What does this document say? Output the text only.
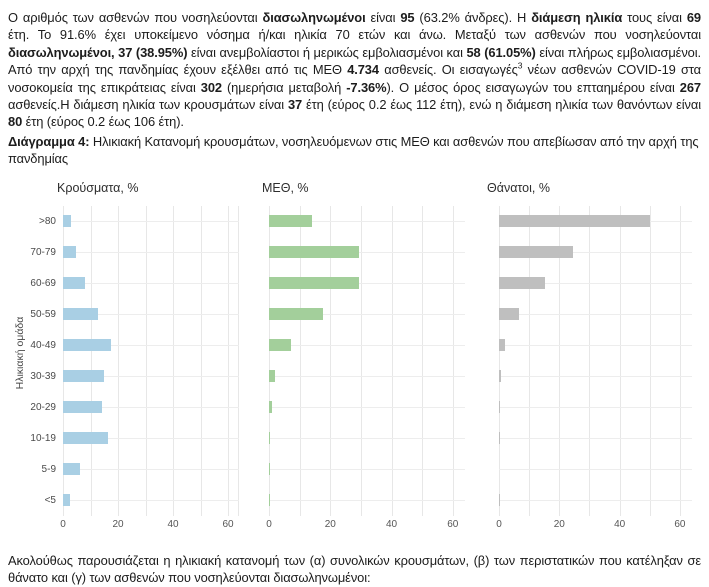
Ο αριθμός των ασθενών που νοσηλεύονται διασωληνωμένοι είναι 95 (63.2% άνδρες). Η διάμεση ηλικία τους είναι 69 έτη. Το 91.6% έχει υποκείμενο νόσημα ή/και ηλικία 70 ετών και άνω. Μεταξύ των ασθενών που νοσηλεύονται διασωληνωμένοι, 37 (38.95%) είναι ανεμβολίαστοι ή μερικώς εμβολιασμένοι και 58 (61.05%) είναι πλήρως εμβολιασμένοι. Από την αρχή της πανδημίας έχουν εξέλθει από τις ΜΕΘ 4.734 ασθενείς. Οι εισαγωγές$^3$ νέων ασθενών COVID-19 στα νοσοκομεία της επικράτειας είναι 302 (ημερήσια μεταβολή -7.36%). Ο μέσος όρος εισαγωγών του επταημέρου είναι 267 ασθενείς.Η διάμεση ηλικία των κρουσμάτων είναι 37 έτη (εύρος 0.2 έως 112 έτη), ενώ η διάμεση ηλικία των θανόντων είναι 80 έτη (εύρος 0.2 έως 106 έτη).

Διάγραμμα 4: Ηλικιακή Κατανομή κρουσμάτων, νοσηλευόμενων στις ΜΕΘ και ασθενών που απεβίωσαν από την αρχή της πανδημίας

Ηλικιακή ομάδα
>80
70-79
60-69
50-59
40-49
30-39
20-29
10-19
5-9
<5
Κρούσματα, %	ΜΕΘ, %	Θάνατοι, %
0	20	40	60	0	20	40	60	0	20	40	60

Ακολούθως παρουσιάζεται η ηλικιακή κατανομή των (α) συνολικών κρουσμάτων, (β) των περιστατικών που κατέληξαν σε θάνατο και (γ) των ασθενών που νοσηλεύονται διασωληνωμένοι:
